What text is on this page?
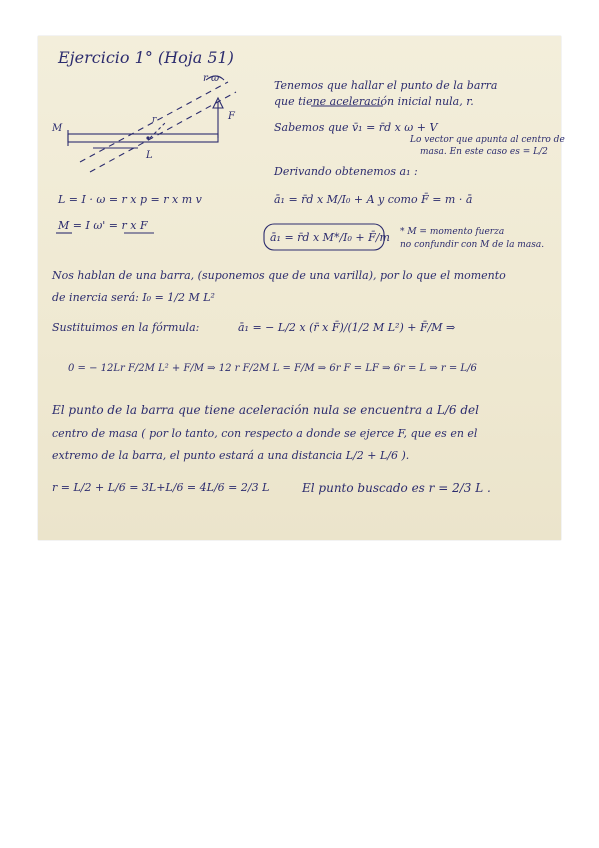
Ejercicio 1° (Hoja 51)
M
F
r ω
r
L
Tenemos que hallar el punto de la barra
que tiene aceleración inicial nula, r.
Sabemos que v̄₁ = r̄d x ω + V
Lo vector que apunta al centro de
masa. En este caso es = L/2
Derivando obtenemos a₁ :
ā₁ = r̄d x M/I₀ + A y como F̄ = m · ā
ā₁ = r̄d x M*/I₀ + F̄/m * M = momento fuerza
no confundir con M de la masa.
L = I · ω = r x p = r x m v
M = I ω' = r x F
Nos hablan de una barra, (suponemos que de una varilla), por lo que el momento
de inercia será: I₀ = 1/2 M L²
Sustituimos en la fórmula:	ā₁ = − L/2 x (r̄ x F̄)/(1/2 M L²) + F̄/M ⇒
0 = − 12Lr F/2M L² + F/M ⇒ 12 r F/2M L = F/M ⇒ 6r F = LF ⇒ 6r = L ⇒ r = L/6
El punto de la barra que tiene aceleración nula se encuentra a L/6 del
centro de masa ( por lo tanto, con respecto a donde se ejerce F, que es en el
extremo de la barra, el punto estará a una distancia L/2 + L/6 ).
r = L/2 + L/6 = 3L+L/6 = 4L/6 = 2/3 L	El punto buscado es r = 2/3 L .
